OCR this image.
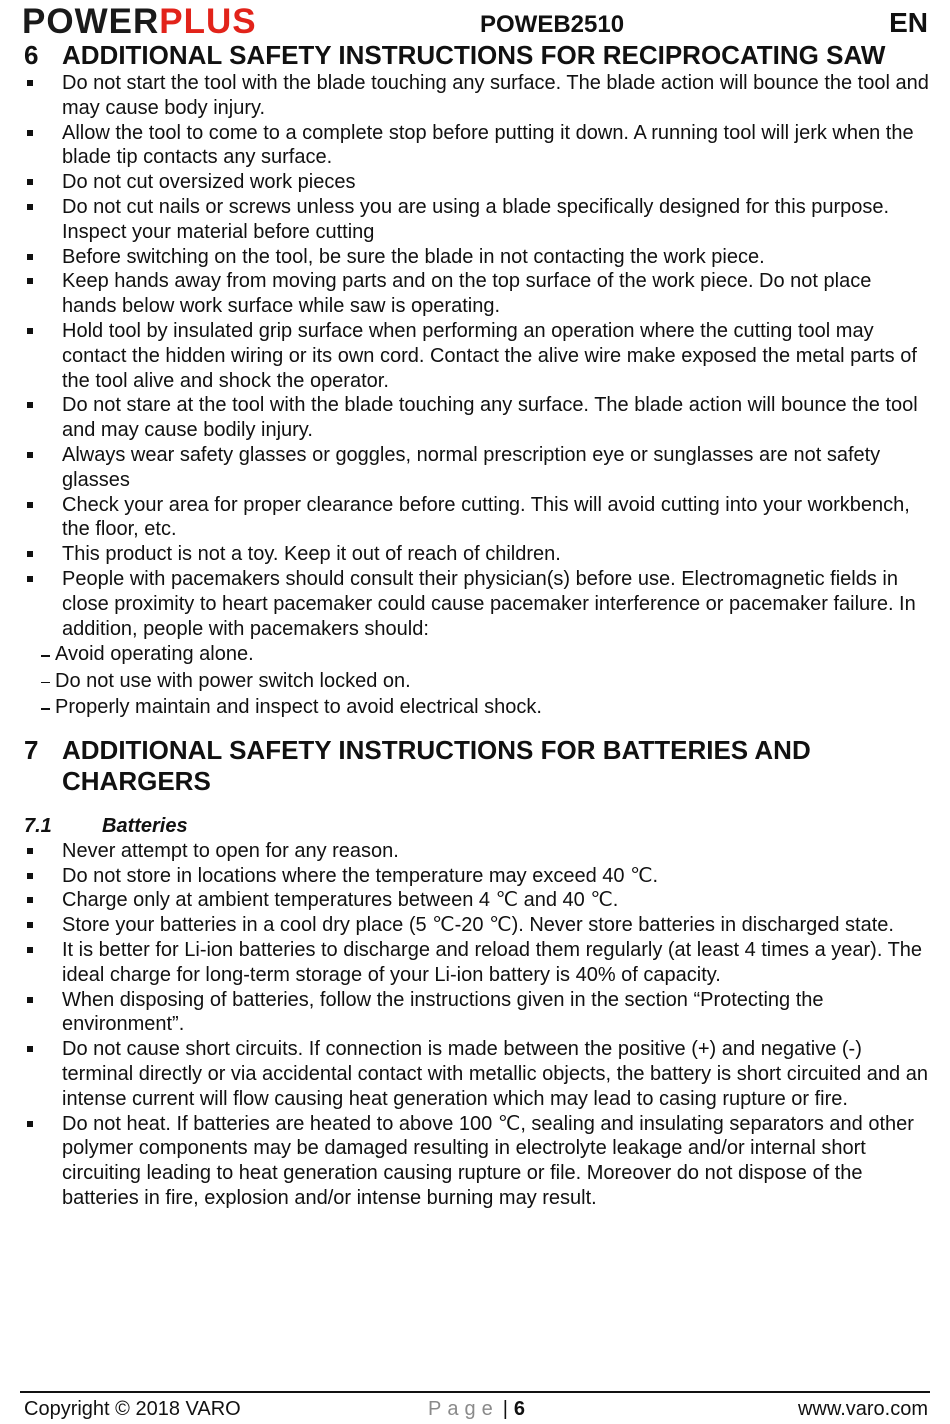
POWERPLUS	POWEB2510	EN
6 ADDITIONAL SAFETY INSTRUCTIONS FOR RECIPROCATING SAW
Do not start the tool with the blade touching any surface. The blade action will bounce the tool and may cause body injury.
Allow the tool to come to a complete stop before putting it down. A running tool will jerk when the blade tip contacts any surface.
Do not cut oversized work pieces
Do not cut nails or screws unless you are using a blade specifically designed for this purpose. Inspect your material before cutting
Before switching on the tool, be sure the blade in not contacting the work piece.
Keep hands away from moving parts and on the top surface of the work piece. Do not place hands below work surface while saw is operating.
Hold tool by insulated grip surface when performing an operation where the cutting tool may contact the hidden wiring or its own cord. Contact the alive wire make exposed the metal parts of the tool alive and shock the operator.
Do not stare at the tool with the blade touching any surface. The blade action will bounce the tool and may cause bodily injury.
Always wear safety glasses or goggles, normal prescription eye or sunglasses are not safety glasses
Check your area for proper clearance before cutting. This will avoid cutting into your workbench, the floor, etc.
This product is not a toy. Keep it out of reach of children.
People with pacemakers should consult their physician(s) before use. Electromagnetic fields in close proximity to heart pacemaker could cause pacemaker interference or pacemaker failure. In addition, people with pacemakers should:
Avoid operating alone.
Do not use with power switch locked on.
Properly maintain and inspect to avoid electrical shock.
7 ADDITIONAL SAFETY INSTRUCTIONS FOR BATTERIES AND CHARGERS
7.1	Batteries
Never attempt to open for any reason.
Do not store in locations where the temperature may exceed 40 ℃.
Charge only at ambient temperatures between 4 ℃ and 40 ℃.
Store your batteries in a cool dry place (5 ℃-20 ℃). Never store batteries in discharged state.
It is better for Li-ion batteries to discharge and reload them regularly (at least 4 times a year). The ideal charge for long-term storage of your Li-ion battery is 40% of capacity.
When disposing of batteries, follow the instructions given in the section “Protecting the environment”.
Do not cause short circuits. If connection is made between the positive (+) and negative (-) terminal directly or via accidental contact with metallic objects, the battery is short circuited and an intense current will flow causing heat generation which may lead to casing rupture or fire.
Do not heat. If batteries are heated to above 100 ℃, sealing and insulating separators and other polymer components may be damaged resulting in electrolyte leakage and/or internal short circuiting leading to heat generation causing rupture or file. Moreover do not dispose of the batteries in fire, explosion and/or intense burning may result.
Copyright © 2018 VARO	Page | 6	www.varo.com
